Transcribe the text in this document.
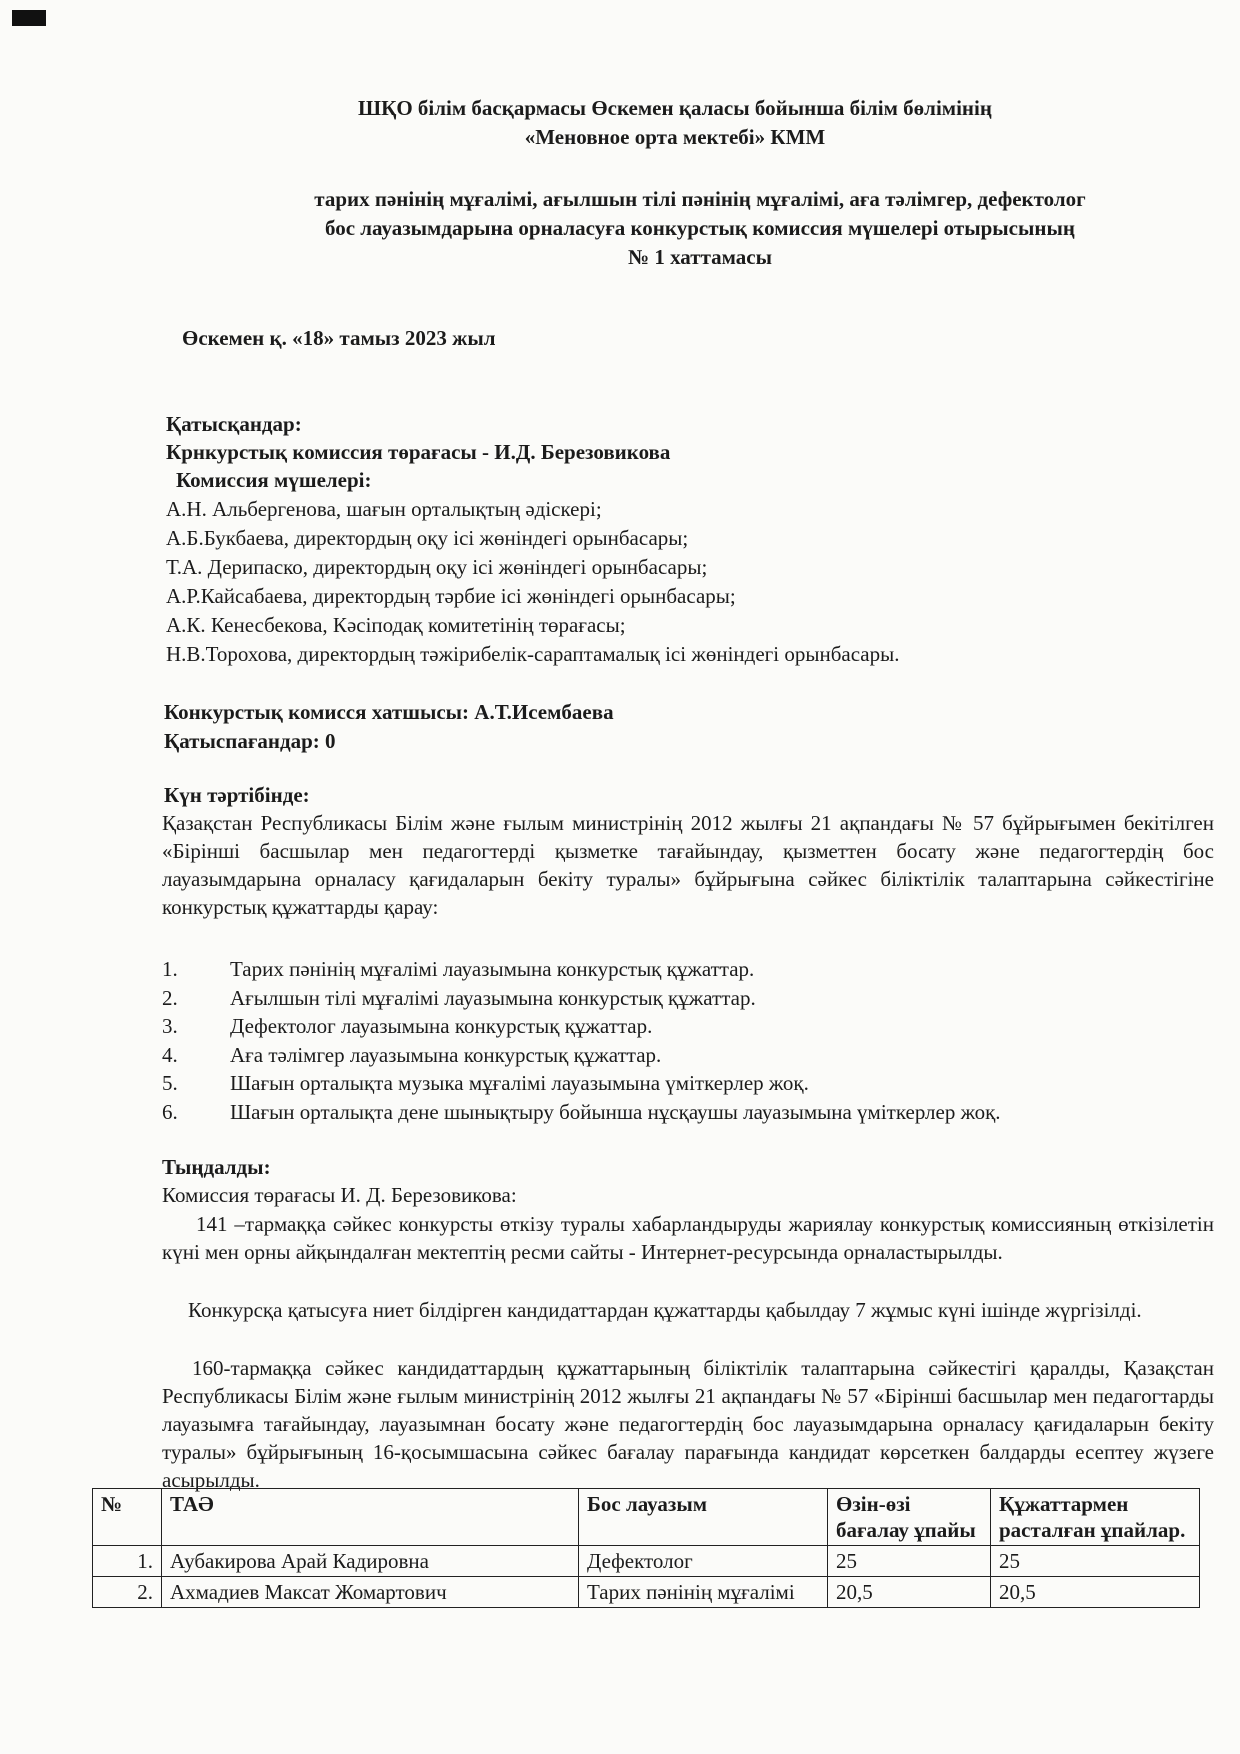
ШҚО білім басқармасы Өскемен қаласы бойынша білім бөлімінің
«Меновное орта мектебі» КММ
тарих пәнінің мұғалімі, ағылшын тілі пәнінің мұғалімі, аға тәлімгер, дефектолог
бос лауазымдарына орналасуға конкурстық комиссия мүшелері отырысының
№ 1 хаттамасы
Өскемен қ. «18» тамыз 2023 жыл
Қатысқандар:
Крнкурстық комиссия төрағасы - И.Д. Березовикова
Комиссия мүшелері:
А.Н. Альбергенова, шағын орталықтың әдіскері;
А.Б.Букбаева, директордың оқу ісі жөніндегі орынбасары;
Т.А. Дерипаско, директордың оқу ісі жөніндегі орынбасары;
А.Р.Кайсабаева, директордың тәрбие ісі жөніндегі орынбасары;
А.К. Кенесбекова, Кәсіподақ комитетінің төрағасы;
Н.В.Торохова, директордың тәжірибелік-сараптамалық ісі жөніндегі орынбасары.
Конкурстық комисся хатшысы: А.Т.Исембаева
Қатыспағандар: 0
Күн тәртібінде:
Қазақстан Республикасы Білім және ғылым министрінің 2012 жылғы 21 ақпандағы № 57 бұйрығымен бекітілген «Бірінші басшылар мен педагогтерді қызметке тағайындау, қызметтен босату және педагогтердің бос лауазымдарына орналасу қағидаларын бекіту туралы» бұйрығына сәйкес біліктілік талаптарына сәйкестігіне конкурстық құжаттарды қарау:
1.	Тарих пәнінің мұғалімі лауазымына конкурстық құжаттар.
2.	Ағылшын тілі мұғалімі лауазымына конкурстық құжаттар.
3.	Дефектолог лауазымына конкурстық құжаттар.
4.	Аға тәлімгер лауазымына конкурстық құжаттар.
5.	Шағын орталықта музыка мұғалімі лауазымына үміткерлер жоқ.
6.	Шағын орталықта дене шынықтыру бойынша нұсқаушы лауазымына үміткерлер жоқ.
Тыңдалды:
Комиссия төрағасы И. Д. Березовикова:
141 –тармаққа сәйкес конкурсты өткізу туралы хабарландыруды жариялау конкурстық комиссияның өткізілетін күні мен орны айқындалған мектептің ресми сайты - Интернет-ресурсында орналастырылды.
Конкурсқа қатысуға ниет білдірген кандидаттардан құжаттарды қабылдау 7 жұмыс күні ішінде жүргізілді.
160-тармаққа сәйкес кандидаттардың құжаттарының біліктілік талаптарына сәйкестігі қаралды, Қазақстан Республикасы Білім және ғылым министрінің 2012 жылғы 21 ақпандағы № 57 «Бірінші басшылар мен педагогтарды лауазымға тағайындау, лауазымнан босату және педагогтердің бос лауазымдарына орналасу қағидаларын бекіту туралы» бұйрығының 16-қосымшасына сәйкес бағалау парағында кандидат көрсеткен балдарды есептеу жүзеге асырылды.
№	ТАӘ	Бос лауазым	Өзін-өзі бағалау ұпайы	Құжаттармен расталған ұпайлар.
1.	Аубакирова Арай Кадировна	Дефектолог	25	25
2.	Ахмадиев Максат Жомартович	Тарих пәнінің мұғалімі	20,5	20,5
